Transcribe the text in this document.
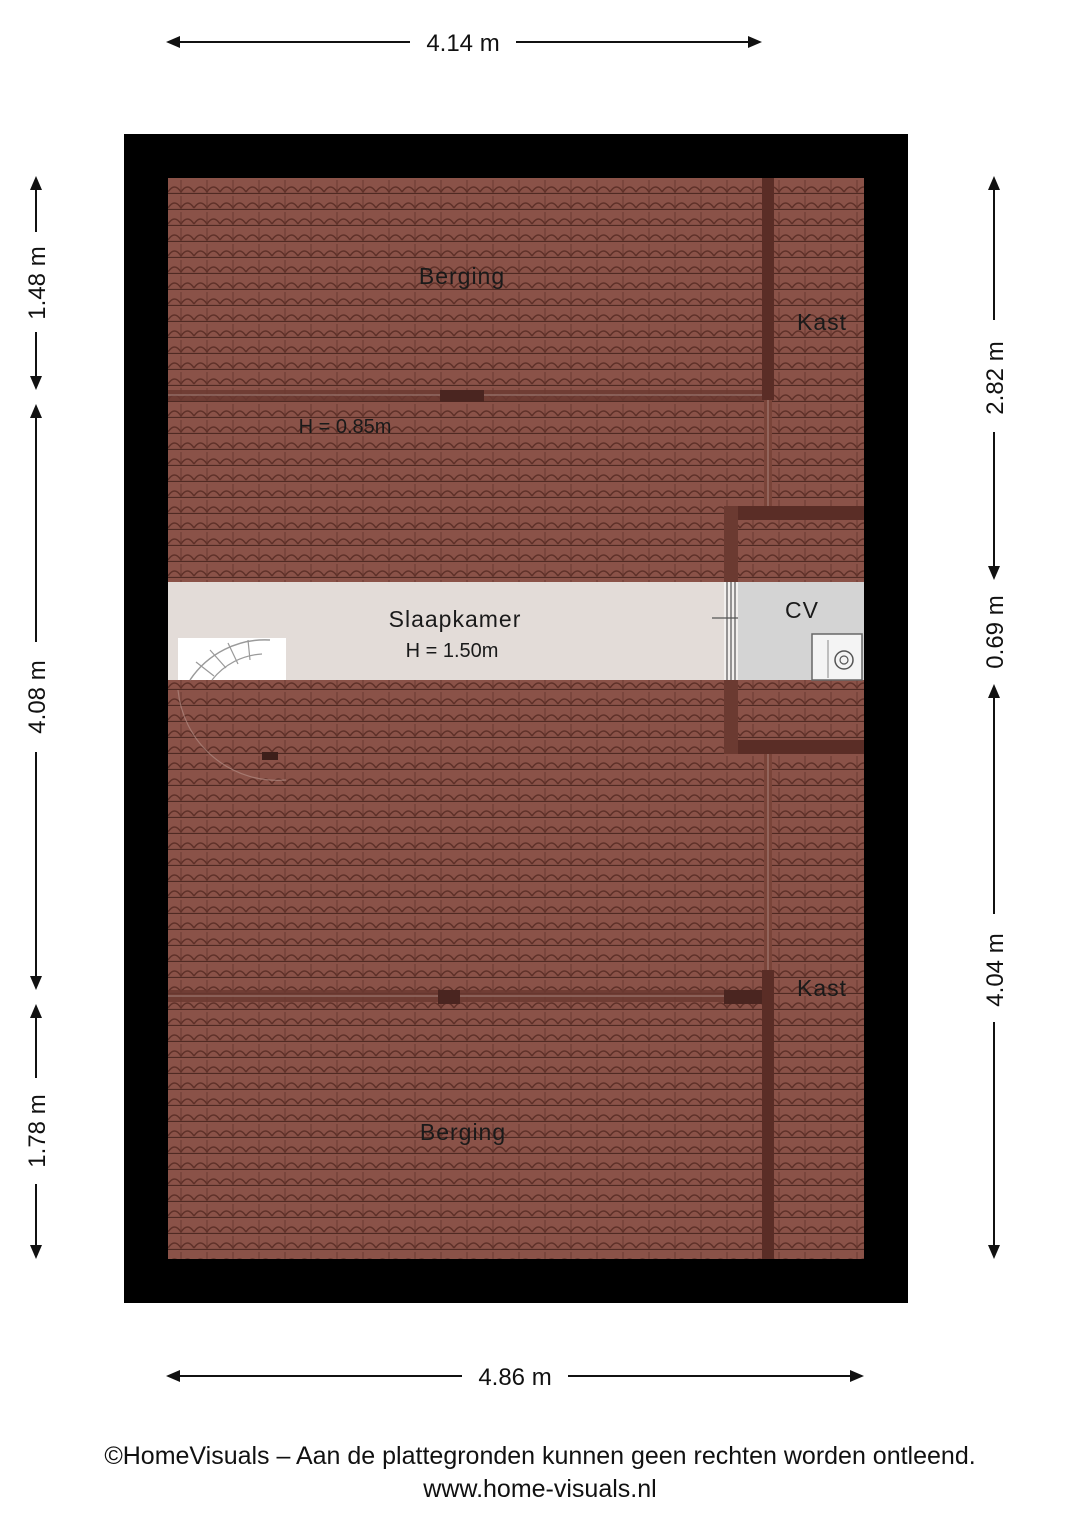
Berging
Kast
H = 0.85m
Slaapkamer
H = 1.50m
CV
Kast
Berging
4.14 m
4.86 m
1.48 m
4.08 m
1.78 m
2.82 m
0.69 m
4.04 m
©HomeVisuals – Aan de plattegronden kunnen geen rechten worden ontleend.
www.home-visuals.nl
